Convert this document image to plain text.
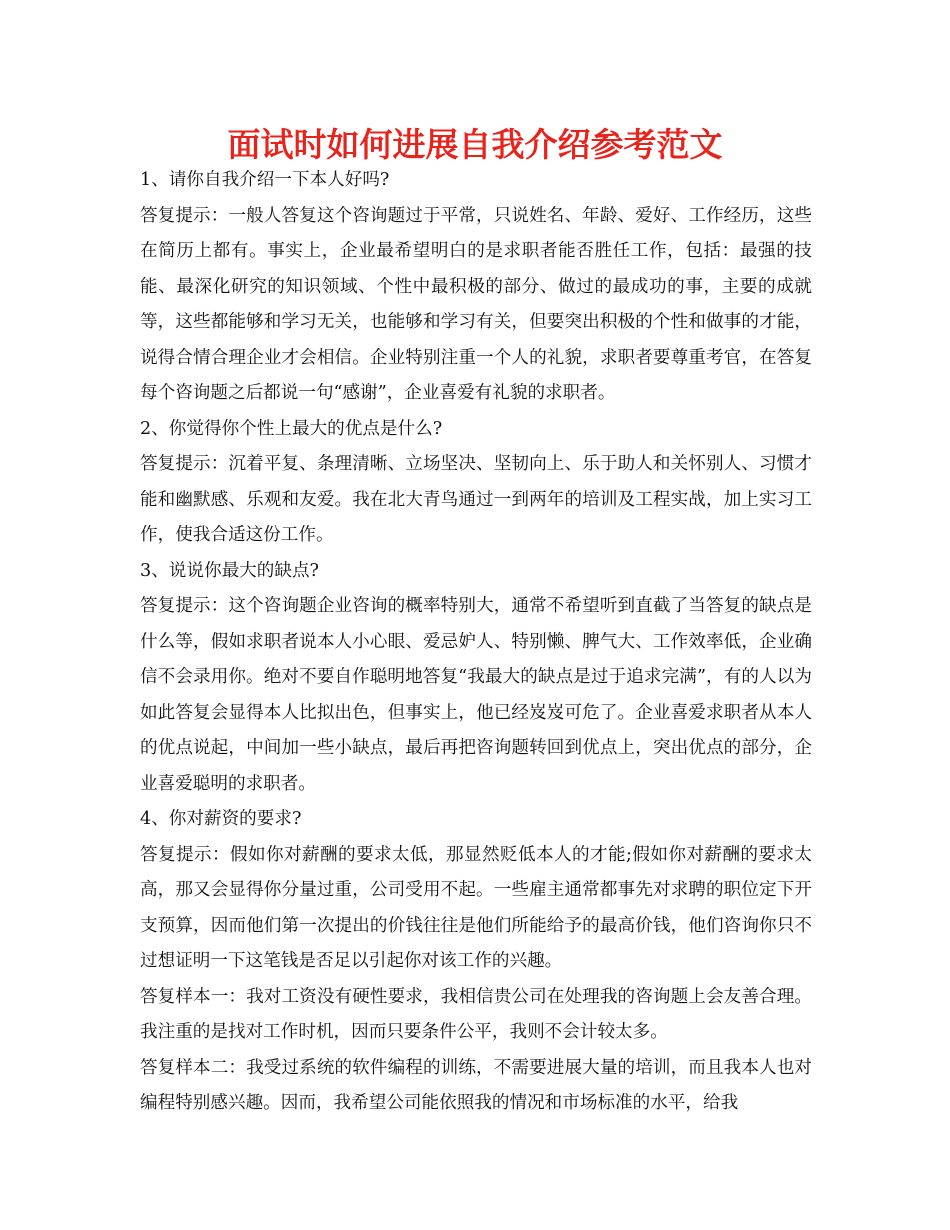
面试时如何进展自我介绍参考范文

1、请你自我介绍一下本人好吗?

答复提示：一般人答复这个咨询题过于平常，只说姓名、年龄、爱好、工作经历，这些在简历上都有。事实上，企业最希望明白的是求职者能否胜任工作，包括：最强的技能、最深化研究的知识领域、个性中最积极的部分、做过的最成功的事，主要的成就等，这些都能够和学习无关，也能够和学习有关，但要突出积极的个性和做事的才能，说得合情合理企业才会相信。企业特别注重一个人的礼貌，求职者要尊重考官，在答复每个咨询题之后都说一句“感谢”，企业喜爱有礼貌的求职者。

2、你觉得你个性上最大的优点是什么?

答复提示：沉着平复、条理清晰、立场坚决、坚韧向上、乐于助人和关怀别人、习惯才能和幽默感、乐观和友爱。我在北大青鸟通过一到两年的培训及工程实战，加上实习工作，使我合适这份工作。

3、说说你最大的缺点?

答复提示：这个咨询题企业咨询的概率特别大，通常不希望听到直截了当答复的缺点是什么等，假如求职者说本人小心眼、爱忌妒人、特别懒、脾气大、工作效率低，企业确信不会录用你。绝对不要自作聪明地答复“我最大的缺点是过于追求完满”，有的人以为如此答复会显得本人比拟出色，但事实上，他已经岌岌可危了。企业喜爱求职者从本人的优点说起，中间加一些小缺点，最后再把咨询题转回到优点上，突出优点的部分，企业喜爱聪明的求职者。

4、你对薪资的要求?

答复提示：假如你对薪酬的要求太低，那显然贬低本人的才能;假如你对薪酬的要求太高，那又会显得你分量过重，公司受用不起。一些雇主通常都事先对求聘的职位定下开支预算，因而他们第一次提出的价钱往往是他们所能给予的最高价钱，他们咨询你只不过想证明一下这笔钱是否足以引起你对该工作的兴趣。

答复样本一：我对工资没有硬性要求，我相信贵公司在处理我的咨询题上会友善合理。我注重的是找对工作时机，因而只要条件公平，我则不会计较太多。

答复样本二：我受过系统的软件编程的训练，不需要进展大量的培训，而且我本人也对编程特别感兴趣。因而，我希望公司能依照我的情况和市场标准的水平，给我
